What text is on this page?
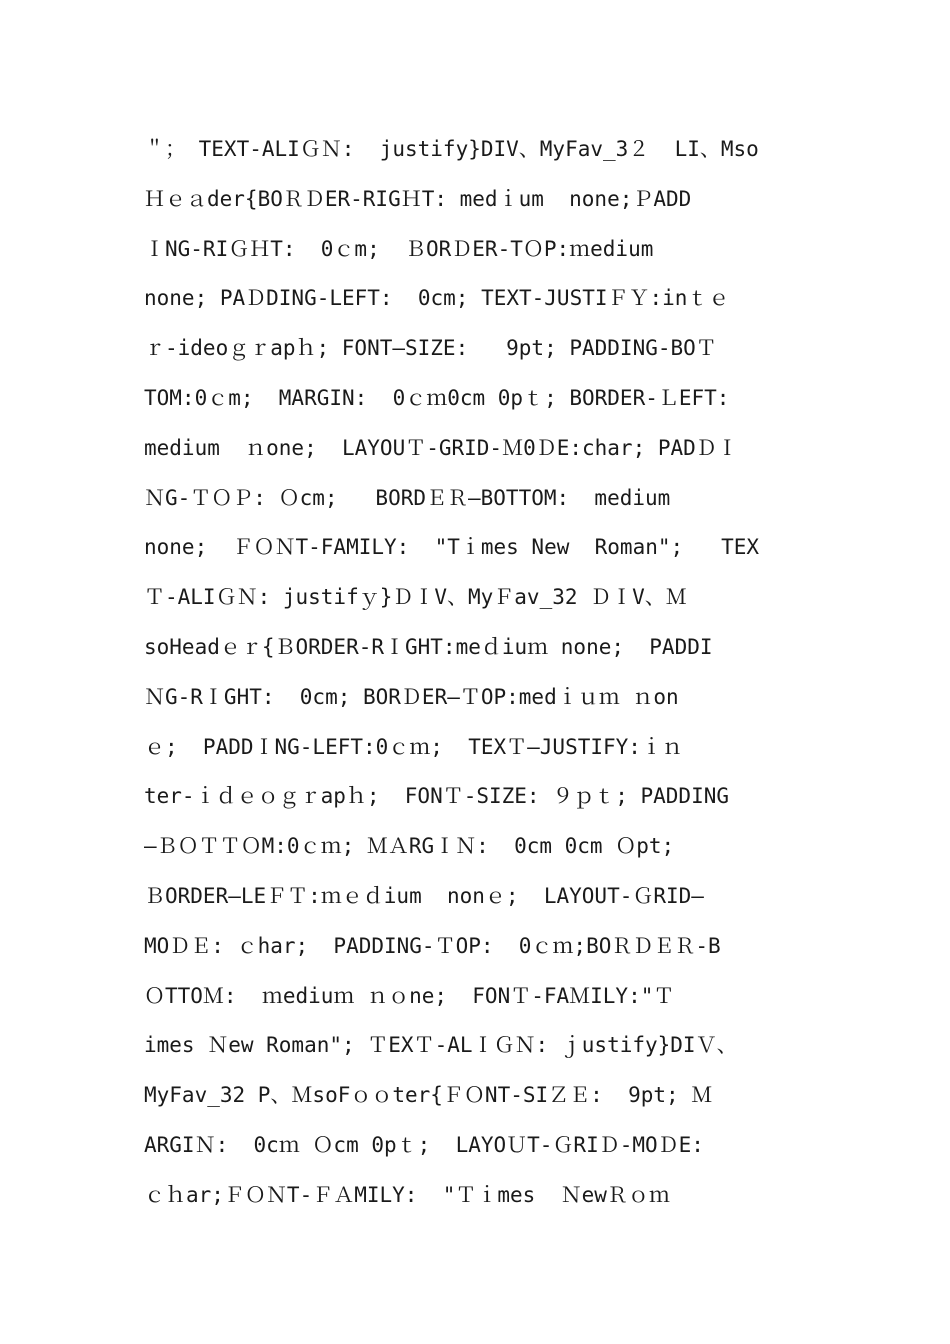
＂； TEXT-ALIＧＮ:  justify}DIV、MyFav_3２  LI、Mso
Ｈｅａder{BOＲＤER-RIGＨT: medｉum  none;ＰADD
ＩNG-RIＧＨT:  0ｃm;  ＢORＤER-TＯP:ｍedium
none; PAＤDING-LEFT:  0cm; TEXT-JUSTIＦＹ:inｔｅ
ｒ-ideoｇｒapｈ; FONT―SIZE:   9pt; PADDING-BOＴ
TOM:0ｃm;  MARGIN:  0ｃｍ0cm 0pｔ; BORDER-ＬEFT:
medium  ｎone;  LAYOUＴ-GRID-Ｍ0ＤE:char; PADＤＩ
ＮG-ＴＯＰ: Ｏcm;   BORDＥＲ―BOTTOM:  medium
none;  ＦＯＮT-FAMILY:  "Tｉmes New  Roman";   TEX
Ｔ-ALIＧＮ: justifｙ}ＤＩV、MyＦav_32 ＤＩV、Ｍ
soHeadｅｒ{ＢORDER-RＩGHT:meｄiuｍ none;  PADDI
ＮG-RＩGHT:  0cm; BORＤER―ＴOP:medｉｕｍ ｎon
ｅ;  PADDＩNG-LEFT:0ｃｍ;  TEXＴ―JUSTIFY:ｉｎ
ter-ｉｄｅｏｇｒapｈ;  FONＴ-SIZE: ９ｐｔ; PADDING
―ＢＯＴＴＯM:0ｃｍ; ＭＡRGＩＮ:  0cm 0cm Ｏpt;
ＢORDER―LEＦＴ:ｍｅｄium  nonｅ;  LAYOUT-ＧRID―
MOＤＥ: ｃhar;  PADDING-ＴOP:  0ｃｍ;BOＲＤＥＲ-B
ＯTTOＭ:  ｍediuｍ ｎｏne;  FONＴ-FAＭILY:"Ｔ
imes Ｎew Roman"; ＴEXＴ-ALＩＧＮ: ｊustify}DIＶ、
MyFav_32 P、ＭsoFｏｏter{ＦＯNT-SIＺＥ:  9pt; Ｍ
ARGIＮ:  0cｍ Ｏcm 0pｔ;  LAYOＵT-ＧRIＤ-MOＤE:
ｃｈar;ＦＯＮT-ＦＡMILY:  "Ｔｉmes  ＮewＲｏｍ
